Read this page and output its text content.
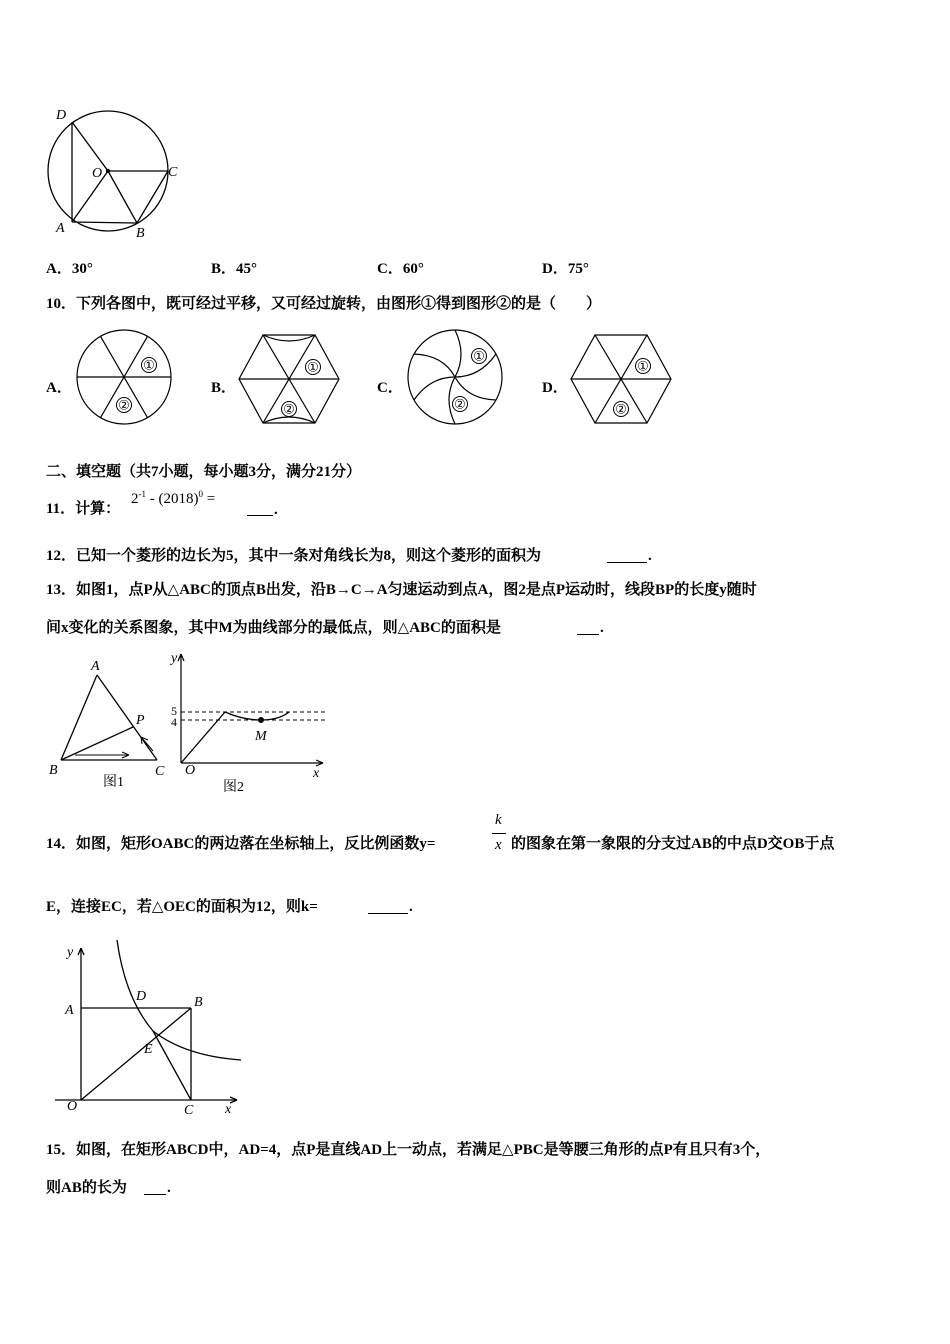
D
O	C
A	B
A．30°	B．45°	C．60°	D．75°
10．下列各图中，既可经过平移，又可经过旋转，由图形①得到图形②的是（　　）
A．
①
②
B．
①
②
C．
①
②
D．
①
②
二、填空题（共7小题，每小题3分，满分21分）
11．计算：
$2^{-1} - (2018)^0$ =
.
12．已知一个菱形的边长为5，其中一条对角线长为8，则这个菱形的面积为	.
13．如图1，点P从△ABC的顶点B出发，沿B→C→A匀速运动到点A，图2是点P运动时，线段BP的长度y随时
间x变化的关系图象，其中M为曲线部分的最低点，则△ABC的面积是	.
A
P
B	C
图1
y
5
4
M
O	x
图2
14．如图，矩形OABC的两边落在坐标轴上，反比例函数y=
k
x 的图象在第一象限的分支过AB的中点D交OB于点
E，连接EC，若△OEC的面积为12，则k=	.
y
D	B
A
E
O	C x
15．如图，在矩形ABCD中，AD=4，点P是直线AD上一动点，若满足△PBC是等腰三角形的点P有且只有3个，
则AB的长为	.
